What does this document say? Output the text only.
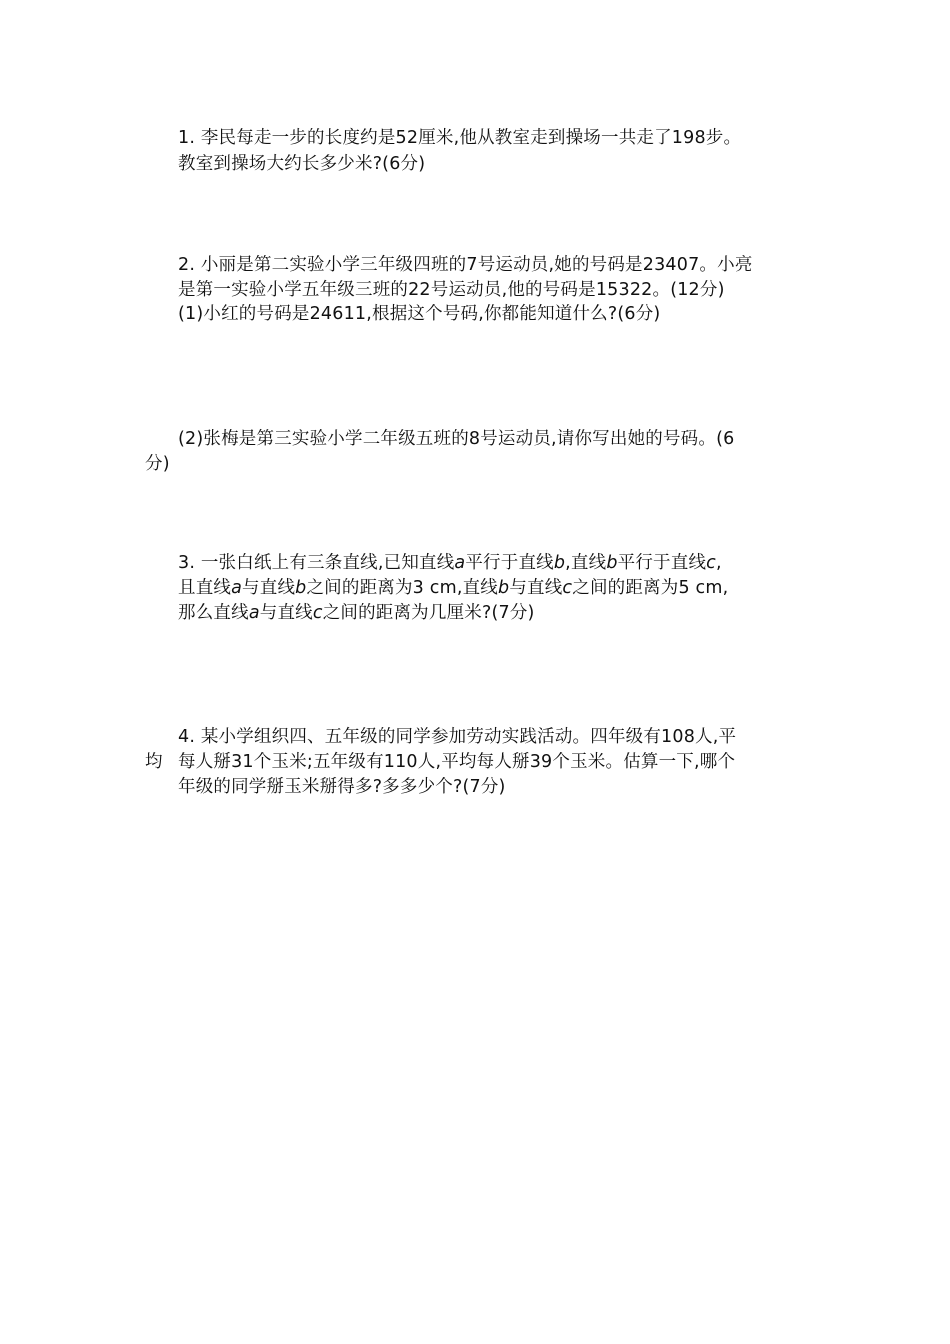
1. 李民每走一步的长度约是52厘米,他从教室走到操场一共走了198步。
教室到操场大约长多少米?(6分)
2. 小丽是第二实验小学三年级四班的7号运动员,她的号码是23407。小亮
是第一实验小学五年级三班的22号运动员,他的号码是15322。(12分)
(1)小红的号码是24611,根据这个号码,你都能知道什么?(6分)
(2)张梅是第三实验小学二年级五班的8号运动员,请你写出她的号码。(6
分)
3. 一张白纸上有三条直线,已知直线a平行于直线b,直线b平行于直线c,
且直线a与直线b之间的距离为3 cm,直线b与直线c之间的距离为5 cm,
那么直线a与直线c之间的距离为几厘米?(7分)
4. 某小学组织四、五年级的同学参加劳动实践活动。四年级有108人,平
均 每人掰31个玉米;五年级有110人,平均每人掰39个玉米。估算一下,哪个
年级的同学掰玉米掰得多?多多少个?(7分)
